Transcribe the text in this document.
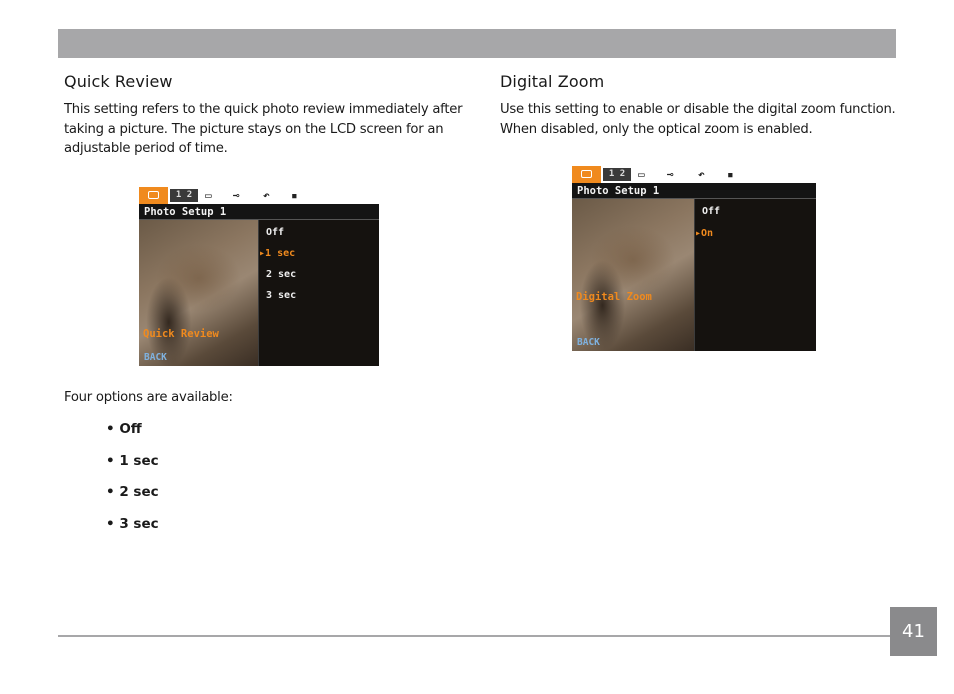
Quick Review
This setting refers to the quick photo review immediately after
taking a picture. The picture stays on the LCD screen for an
adjustable period of time.
1 2	▭ ⊸ ↶ ▪
Photo Setup 1
Quick Review
BACK
Off
▸1 sec
2 sec
3 sec
Four options are available:
• Off
• 1 sec
• 2 sec
• 3 sec
Digital Zoom
Use this setting to enable or disable the digital zoom function.
When disabled, only the optical zoom is enabled.
1 2	▭ ⊸ ↶ ▪
Photo Setup 1
Digital Zoom
BACK
Off
▸On
41
